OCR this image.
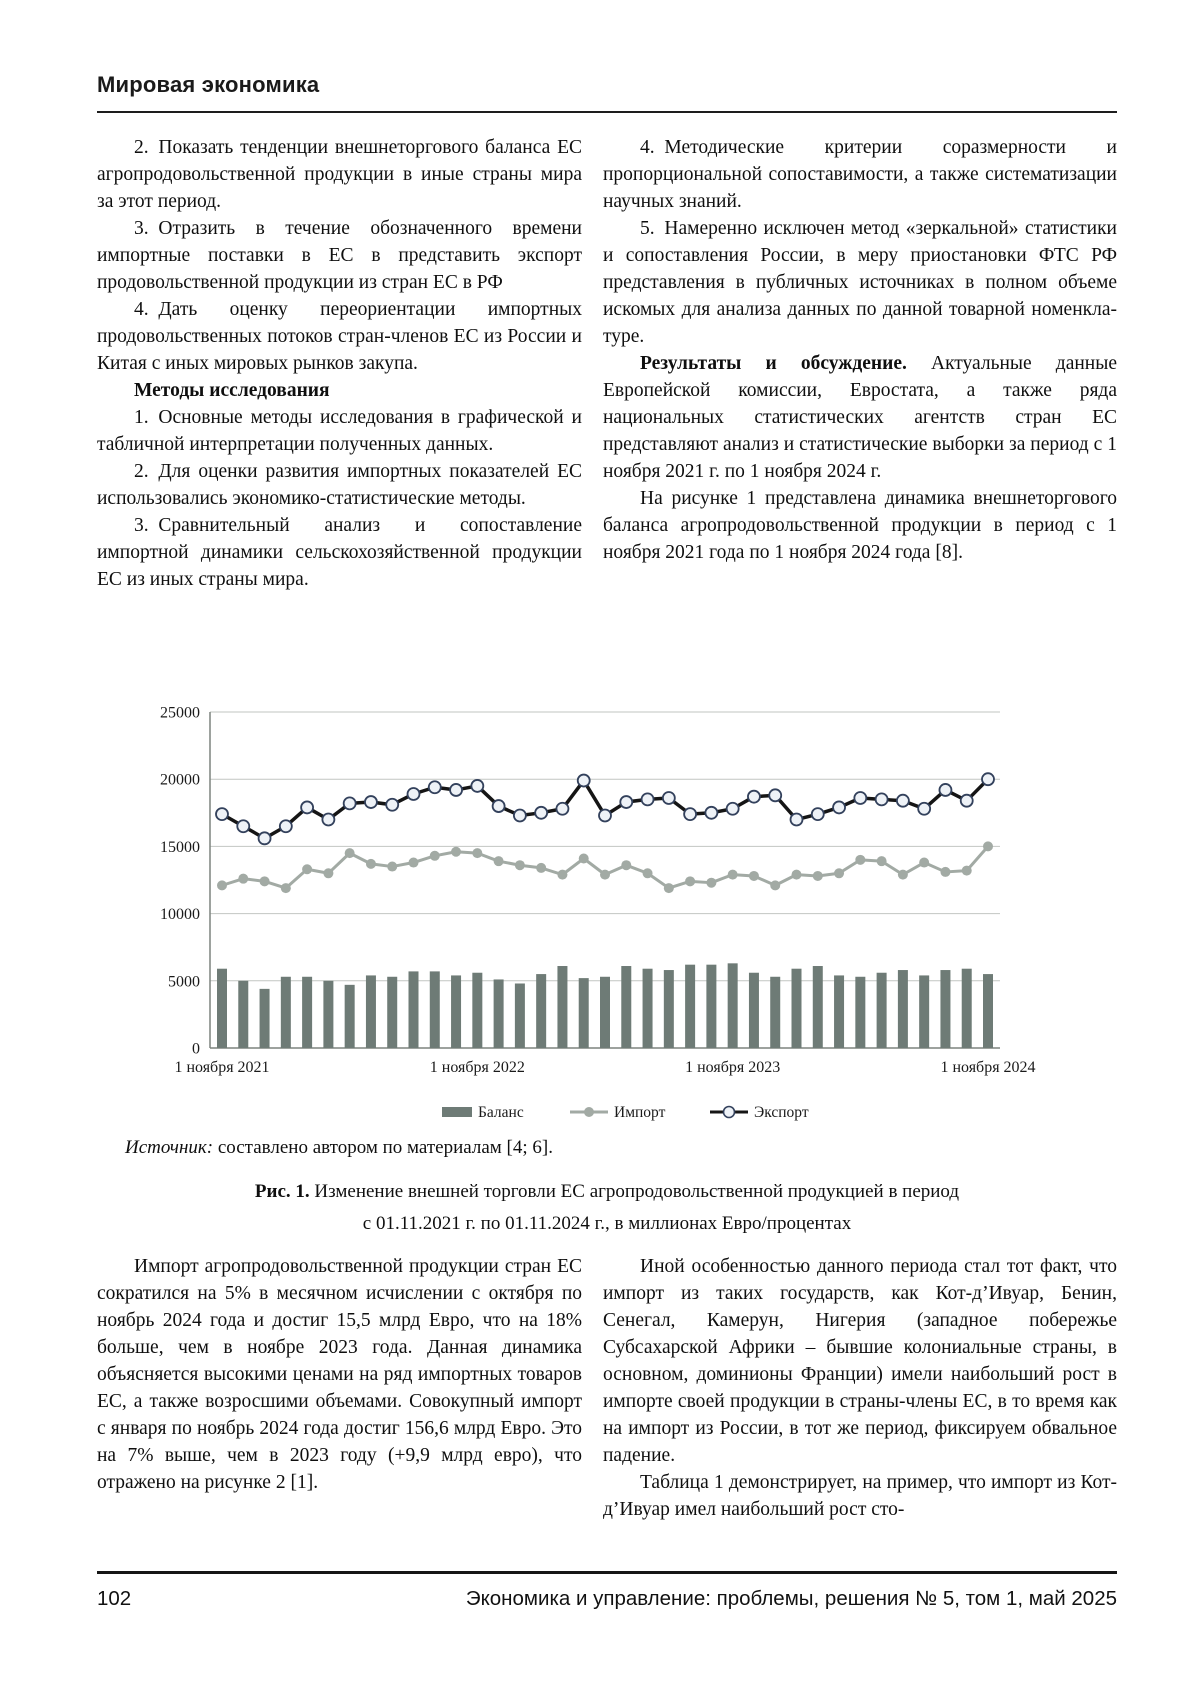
Мировая экономика

2. Показать тенденции внешнеторгового баланса ЕС агропродовольственной продукции в иные страны мира за этот период.

3. Отразить в течение обозначенного времени импортные поставки в ЕС в представить экспорт продовольственной продукции из стран ЕС в РФ

4. Дать оценку переориентации импортных продовольственных потоков стран-членов ЕС из России и Китая с иных мировых рынков закупа.

Методы исследования

1. Основные методы исследования в графической и табличной интерпретации полученных данных.

2. Для оценки развития импортных показателей ЕС использовались экономико-статистические методы.

3. Сравнительный анализ и сопоставление импортной динамики сельскохозяйственной продукции ЕС из иных страны мира.

4. Методические критерии соразмерности и пропорциональной сопоставимости, а также систематизации научных знаний.

5. Намеренно исключен метод «зеркальной» статистики и сопоставления России, в меру приостановки ФТС РФ представления в публичных источниках в полном объеме искомых для анализа данных по данной товарной номенклатуре.

Результаты и обсуждение. Актуальные данные Европейской комиссии, Евростата, а также ряда национальных статистических агентств стран ЕС представляют анализ и статистические выборки за период с 1 ноября 2021 г. по 1 ноября 2024 г.

На рисунке 1 представлена динамика внешнеторгового баланса агропродовольственной продукции в период с 1 ноября 2021 года по 1 ноября 2024 года [8].

0
5000
10000
15000
20000
25000
1 ноября 2021	1 ноября 2022	1 ноября 2023	1 ноября 2024
Баланс	Импорт	Экспорт
Источник: составлено автором по материалам [4; 6].
Рис. 1. Изменение внешней торговли ЕС агропродовольственной продукцией в период
с 01.11.2021 г. по 01.11.2024 г., в миллионах Евро/процентах

Импорт агропродовольственной продукции стран ЕС сократился на 5% в месячном исчислении с октября по ноябрь 2024 года и достиг 15,5 млрд Евро, что на 18% больше, чем в ноябре 2023 года. Данная динамика объясняется высокими ценами на ряд импортных товаров ЕС, а также возросшими объемами. Совокупный импорт с января по ноябрь 2024 года достиг 156,6 млрд Евро. Это на 7% выше, чем в 2023 году (+9,9 млрд евро), что отражено на рисунке 2 [1].

Иной особенностью данного периода стал тот факт, что импорт из таких государств, как Кот-д’Ивуар, Бенин, Сенегал, Камерун, Нигерия (западное побережье Субсахарской Африки – бывшие колониальные страны, в основном, доминионы Франции) имели наибольший рост в импорте своей продукции в страны-члены ЕС, в то время как на импорт из России, в тот же период, фиксируем обвальное падение.

Таблица 1 демонстрирует, на пример, что импорт из Кот-д’Ивуар имел наибольший рост сто-

102	Экономика и управление: проблемы, решения № 5, том 1, май 2025
